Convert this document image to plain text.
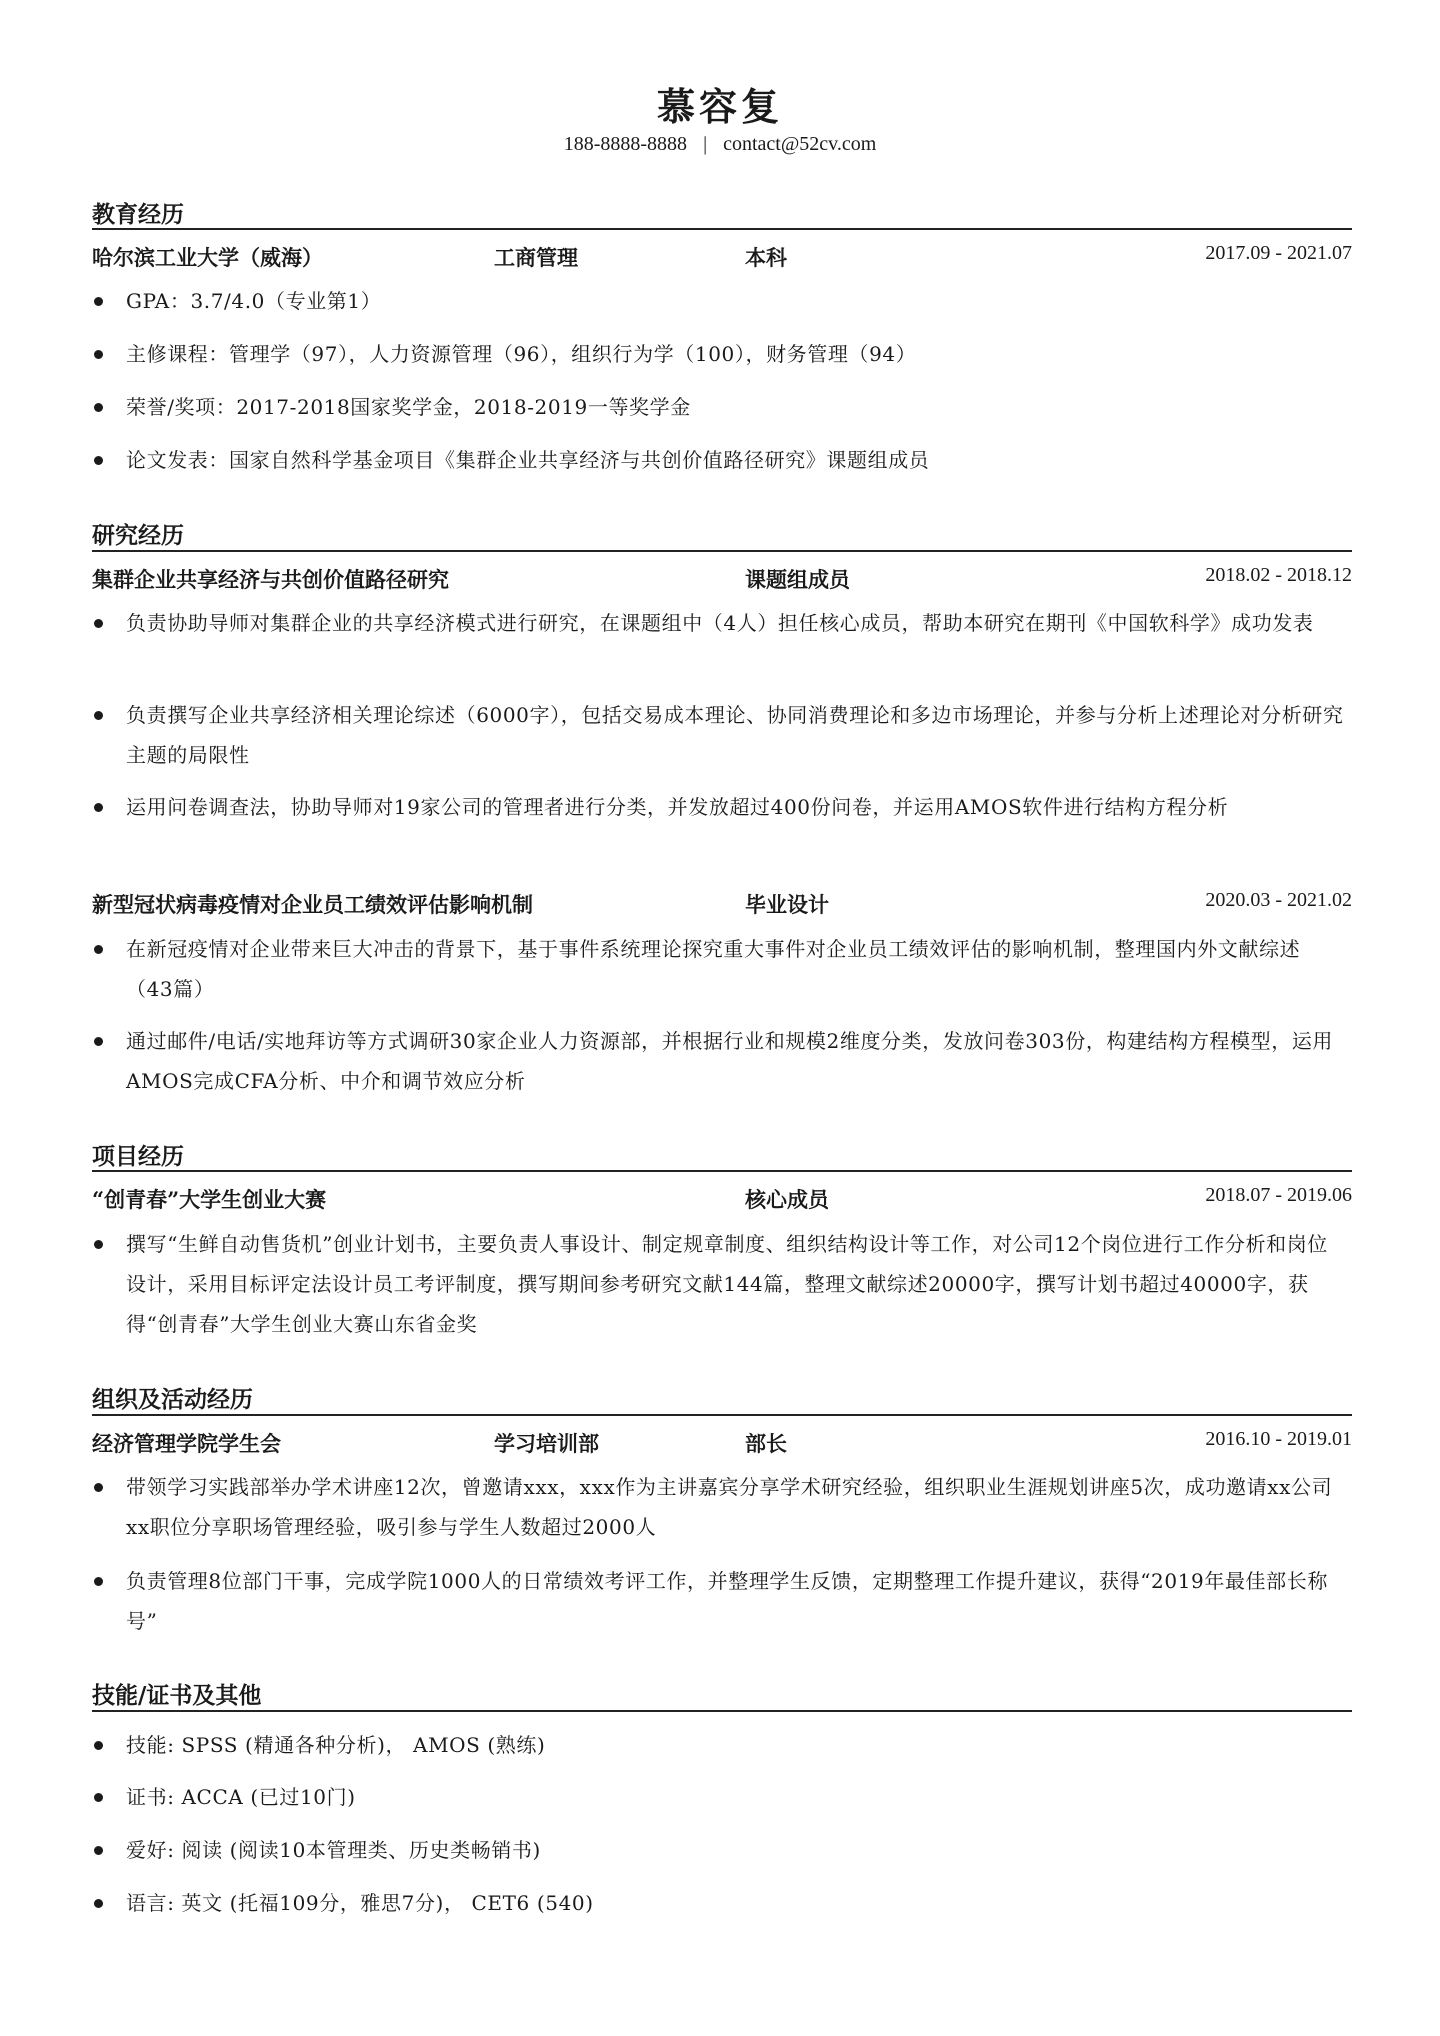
慕容复
188-8888-8888 | contact@52cv.com
教育经历
哈尔滨工业大学（威海）	工商管理	本科	2017.09 - 2021.07
GPA：3.7/4.0（专业第1）
主修课程：管理学（97），人力资源管理（96），组织行为学（100），财务管理（94）
荣誉/奖项：2017-2018国家奖学金，2018-2019一等奖学金
论文发表：国家自然科学基金项目《集群企业共享经济与共创价值路径研究》课题组成员
研究经历
集群企业共享经济与共创价值路径研究	课题组成员	2018.02 - 2018.12
负责协助导师对集群企业的共享经济模式进行研究，在课题组中（4人）担任核心成员，帮助本研究在期刊《中国软科学》成功发表
负责撰写企业共享经济相关理论综述（6000字），包括交易成本理论、协同消费理论和多边市场理论，并参与分析上述理论对分析研究主题的局限性
运用问卷调查法，协助导师对19家公司的管理者进行分类，并发放超过400份问卷，并运用AMOS软件进行结构方程分析
新型冠状病毒疫情对企业员工绩效评估影响机制	毕业设计	2020.03 - 2021.02
在新冠疫情对企业带来巨大冲击的背景下，基于事件系统理论探究重大事件对企业员工绩效评估的影响机制，整理国内外文献综述（43篇）
通过邮件/电话/实地拜访等方式调研30家企业人力资源部，并根据行业和规模2维度分类，发放问卷303份，构建结构方程模型，运用AMOS完成CFA分析、中介和调节效应分析
项目经历
“创青春”大学生创业大赛	核心成员	2018.07 - 2019.06
撰写“生鲜自动售货机”创业计划书，主要负责人事设计、制定规章制度、组织结构设计等工作，对公司12个岗位进行工作分析和岗位设计，采用目标评定法设计员工考评制度，撰写期间参考研究文献144篇，整理文献综述20000字，撰写计划书超过40000字，获得“创青春”大学生创业大赛山东省金奖
组织及活动经历
经济管理学院学生会	学习培训部	部长	2016.10 - 2019.01
带领学习实践部举办学术讲座12次，曾邀请xxx，xxx作为主讲嘉宾分享学术研究经验，组织职业生涯规划讲座5次，成功邀请xx公司xx职位分享职场管理经验，吸引参与学生人数超过2000人
负责管理8位部门干事，完成学院1000人的日常绩效考评工作，并整理学生反馈，定期整理工作提升建议，获得“2019年最佳部长称号”
技能/证书及其他
技能: SPSS (精通各种分析)， AMOS (熟练)
证书: ACCA (已过10门)
爱好: 阅读 (阅读10本管理类、历史类畅销书)
语言: 英文 (托福109分，雅思7分)， CET6 (540)
